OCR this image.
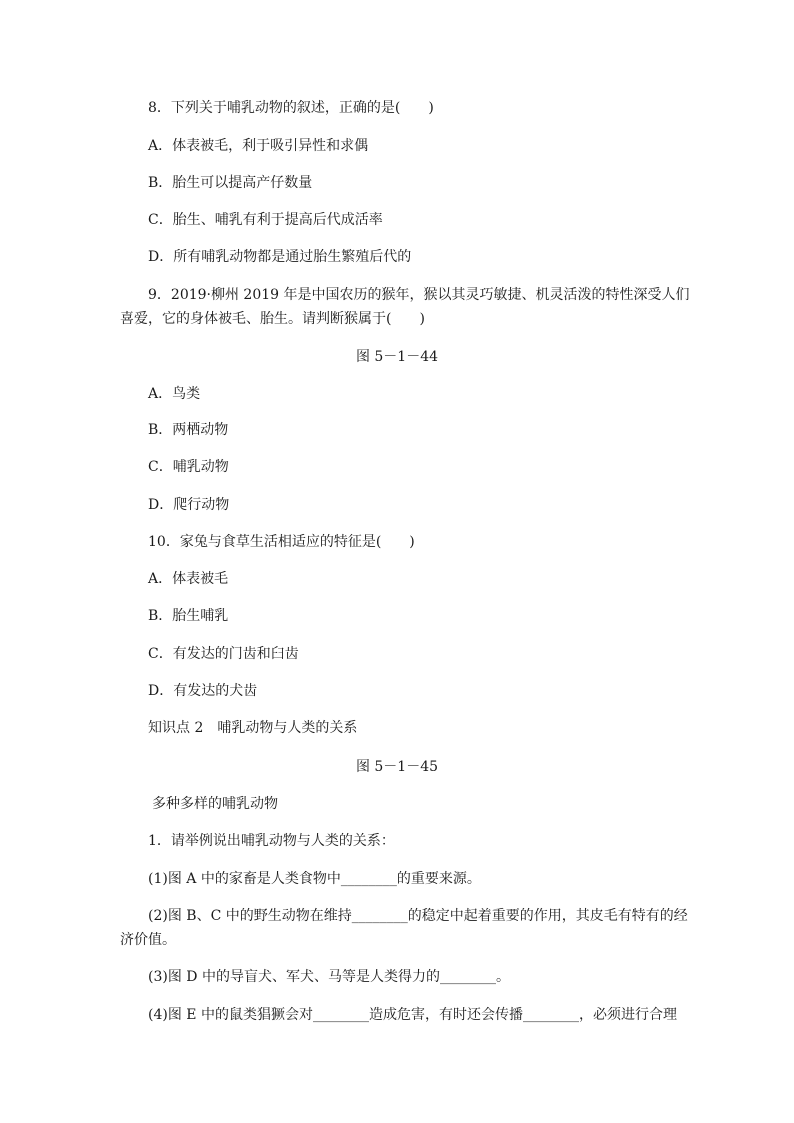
8．下列关于哺乳动物的叙述，正确的是(　　)
A．体表被毛，利于吸引异性和求偶
B．胎生可以提高产仔数量
C．胎生、哺乳有利于提高后代成活率
D．所有哺乳动物都是通过胎生繁殖后代的
9．2019·柳州 2019 年是中国农历的猴年，猴以其灵巧敏捷、机灵活泼的特性深受人们
喜爱，它的身体被毛、胎生。请判断猴属于(　　)
图 5－1－44
A．鸟类
B．两栖动物
C．哺乳动物
D．爬行动物
10．家兔与食草生活相适应的特征是(　　)
A．体表被毛
B．胎生哺乳
C．有发达的门齿和臼齿
D．有发达的犬齿
知识点 2　哺乳动物与人类的关系
图 5－1－45
多种多样的哺乳动物
1．请举例说出哺乳动物与人类的关系：
(1)图 A 中的家畜是人类食物中________的重要来源。
(2)图 B、C 中的野生动物在维持________的稳定中起着重要的作用，其皮毛有特有的经
济价值。
(3)图 D 中的导盲犬、军犬、马等是人类得力的________。
(4)图 E 中的鼠类猖獗会对________造成危害，有时还会传播________，必须进行合理
